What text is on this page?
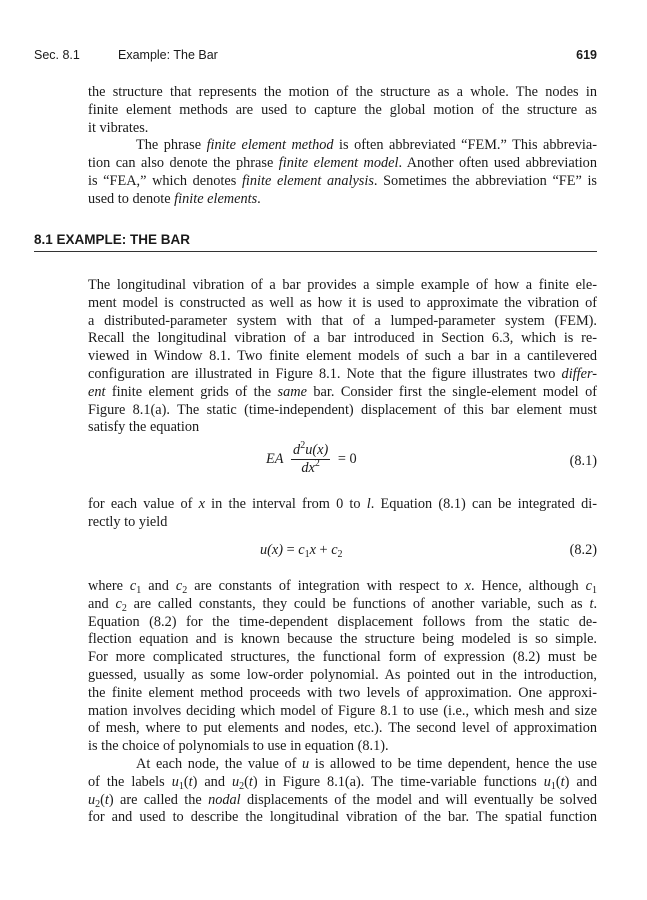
Sec. 8.1	Example: The Bar	619
the structure that represents the motion of the structure as a whole. The nodes in
finite element methods are used to capture the global motion of the structure as
it vibrates.
The phrase finite element method is often abbreviated “FEM.” This abbrevia-
tion can also denote the phrase finite element model. Another often used abbreviation
is “FEA,” which denotes finite element analysis. Sometimes the abbreviation “FE” is
used to denote finite elements.
8.1 EXAMPLE: THE BAR
The longitudinal vibration of a bar provides a simple example of how a finite ele-
ment model is constructed as well as how it is used to approximate the vibration of
a distributed-parameter system with that of a lumped-parameter system (FEM).
Recall the longitudinal vibration of a bar introduced in Section 6.3, which is re-
viewed in Window 8.1. Two finite element models of such a bar in a cantilevered
configuration are illustrated in Figure 8.1. Note that the figure illustrates two differ-
ent finite element grids of the same bar. Consider first the single-element model of
Figure 8.1(a). The static (time-independent) displacement of this bar element must
satisfy the equation
EA $\frac{d^2u(x)}{dx^2} = 0$	(8.1)
for each value of x in the interval from 0 to l. Equation (8.1) can be integrated di-
rectly to yield
$u(x) = c_1x + c_2$	(8.2)
where $c_1$ and $c_2$ are constants of integration with respect to x. Hence, although $c_1$
and $c_2$ are called constants, they could be functions of another variable, such as t.
Equation (8.2) for the time-dependent displacement follows from the static de-
flection equation and is known because the structure being modeled is so simple.
For more complicated structures, the functional form of expression (8.2) must be
guessed, usually as some low-order polynomial. As pointed out in the introduction,
the finite element method proceeds with two levels of approximation. One approxi-
mation involves deciding which model of Figure 8.1 to use (i.e., which mesh and size
of mesh, where to put elements and nodes, etc.). The second level of approximation
is the choice of polynomials to use in equation (8.1).
At each node, the value of u is allowed to be time dependent, hence the use
of the labels $u_1(t)$ and $u_2(t)$ in Figure 8.1(a). The time-variable functions $u_1(t)$ and
$u_2(t)$ are called the nodal displacements of the model and will eventually be solved
for and used to describe the longitudinal vibration of the bar. The spatial function
